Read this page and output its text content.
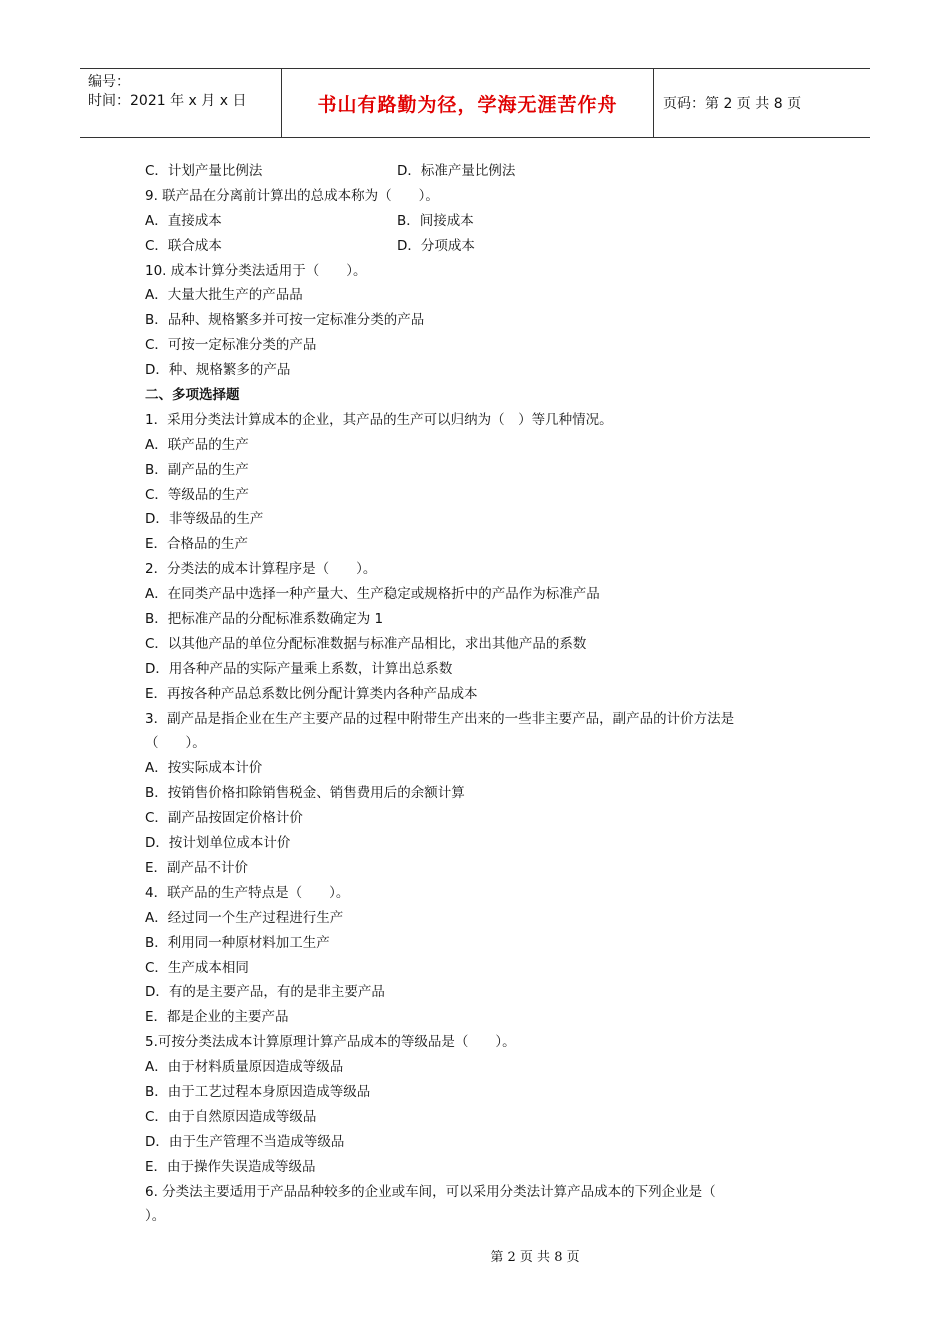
编号：
时间：2021 年 x 月 x 日	书山有路勤为径，学海无涯苦作舟	页码：第 2 页 共 8 页
C．计划产量比例法	D．标准产量比例法
9. 联产品在分离前计算出的总成本称为（　　）。
A．直接成本	B．间接成本
C．联合成本	D．分项成本
10. 成本计算分类法适用于（　　）。
A．大量大批生产的产品品
B．品种、规格繁多并可按一定标准分类的产品
C．可按一定标准分类的产品
D．种、规格繁多的产品
二、多项选择题
1．采用分类法计算成本的企业，其产品的生产可以归纳为（　）等几种情况。
A．联产品的生产
B．副产品的生产
C．等级品的生产
D．非等级品的生产
E．合格品的生产
2．分类法的成本计算程序是（　　）。
A．在同类产品中选择一种产量大、生产稳定或规格折中的产品作为标准产品
B．把标准产品的分配标准系数确定为 1
C．以其他产品的单位分配标准数据与标准产品相比，求出其他产品的系数
D．用各种产品的实际产量乘上系数，计算出总系数
E．再按各种产品总系数比例分配计算类内各种产品成本
3．副产品是指企业在生产主要产品的过程中附带生产出来的一些非主要产品，副产品的计价方法是
（　　）。
A．按实际成本计价
B．按销售价格扣除销售税金、销售费用后的余额计算
C．副产品按固定价格计价
D．按计划单位成本计价
E．副产品不计价
4．联产品的生产特点是（　　）。
A．经过同一个生产过程进行生产
B．利用同一种原材料加工生产
C．生产成本相同
D．有的是主要产品，有的是非主要产品
E．都是企业的主要产品
5.可按分类法成本计算原理计算产品成本的等级品是（　　）。
A．由于材料质量原因造成等级品
B．由于工艺过程本身原因造成等级品
C．由于自然原因造成等级品
D．由于生产管理不当造成等级品
E．由于操作失误造成等级品
6. 分类法主要适用于产品品种较多的企业或车间，可以采用分类法计算产品成本的下列企业是（
）。
第 2 页 共 8 页
